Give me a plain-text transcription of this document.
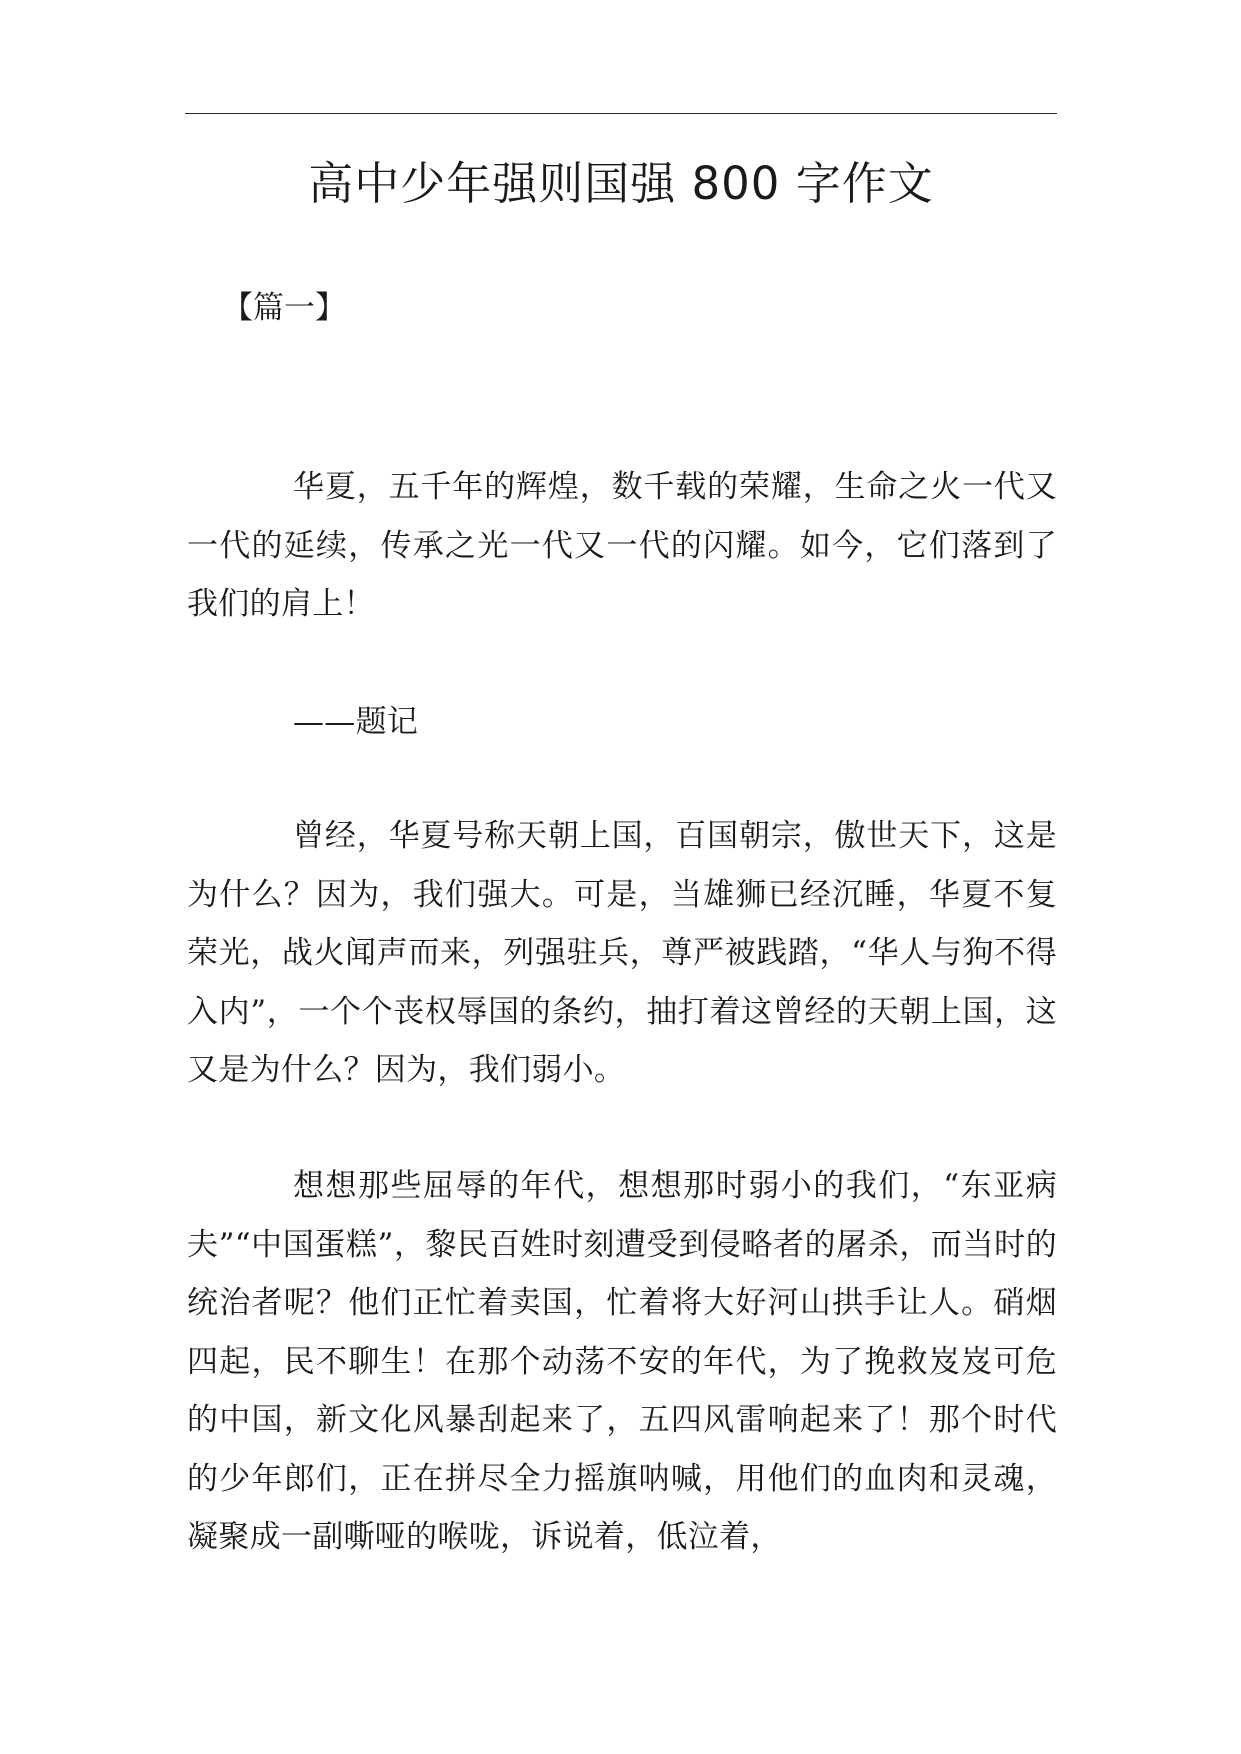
高中少年强则国强 800 字作文

【篇一】

华夏，五千年的辉煌，数千载的荣耀，生命之火一代又一代的延续，传承之光一代又一代的闪耀。如今，它们落到了我们的肩上！

——题记

曾经，华夏号称天朝上国，百国朝宗，傲世天下，这是为什么？因为，我们强大。可是，当雄狮已经沉睡，华夏不复荣光，战火闻声而来，列强驻兵，尊严被践踏，“华人与狗不得入内”，一个个丧权辱国的条约，抽打着这曾经的天朝上国，这又是为什么？因为，我们弱小。

想想那些屈辱的年代，想想那时弱小的我们，“东亚病夫”“中国蛋糕”，黎民百姓时刻遭受到侵略者的屠杀，而当时的统治者呢？他们正忙着卖国，忙着将大好河山拱手让人。硝烟四起，民不聊生！在那个动荡不安的年代，为了挽救岌岌可危的中国，新文化风暴刮起来了，五四风雷响起来了！那个时代的少年郎们，正在拼尽全力摇旗呐喊，用他们的血肉和灵魂，凝聚成一副嘶哑的喉咙，诉说着，低泣着，
